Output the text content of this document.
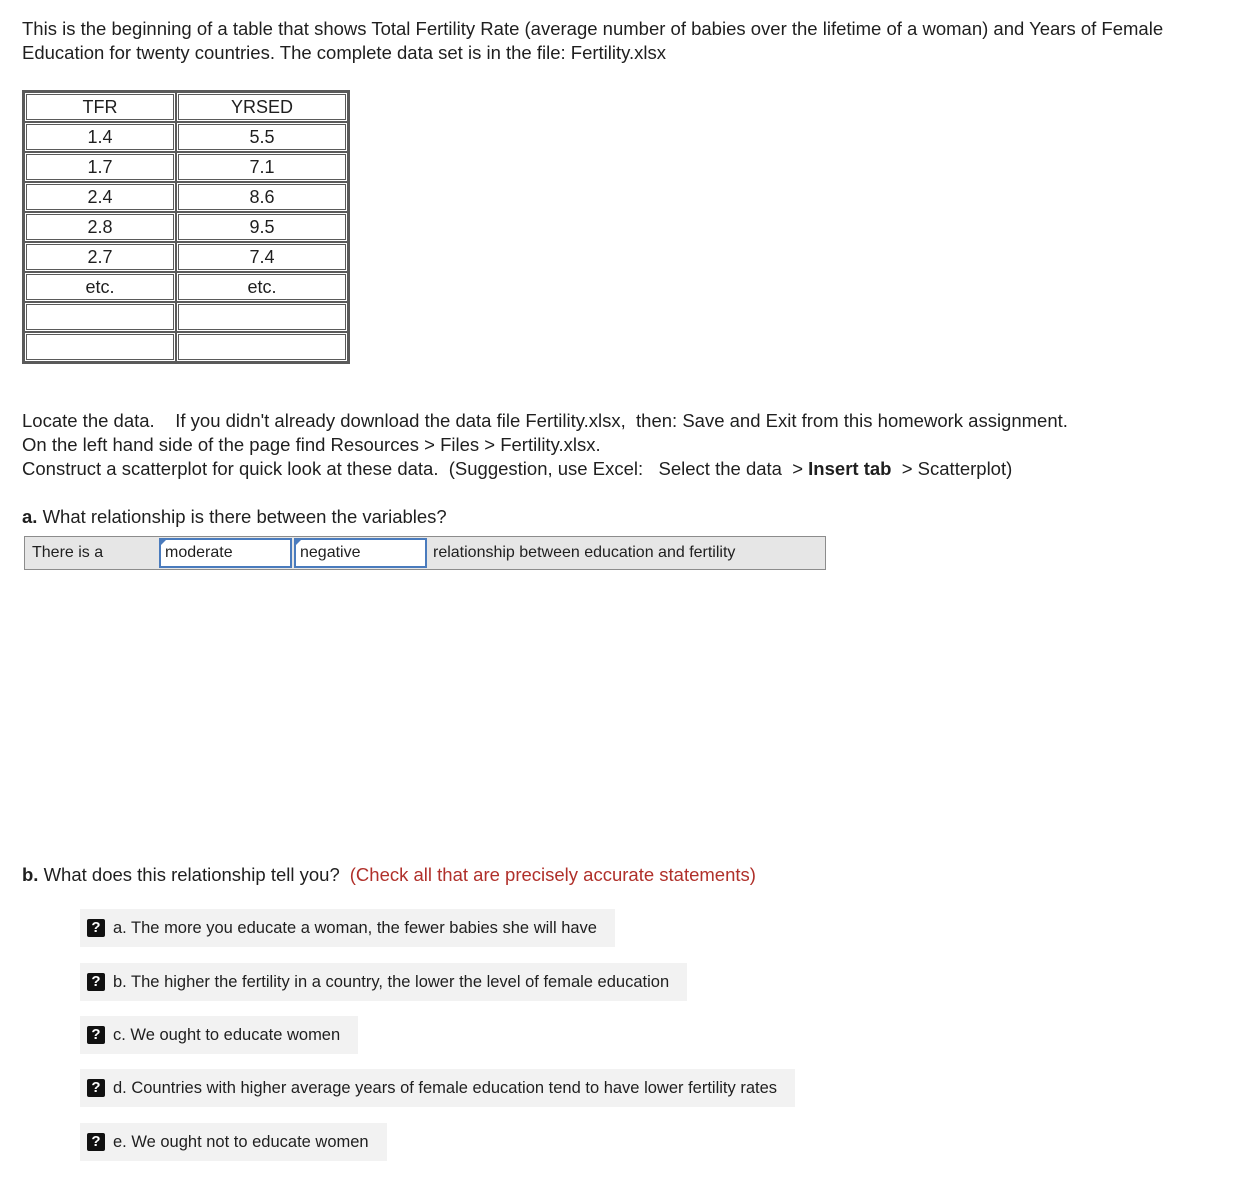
This is the beginning of a table that shows Total Fertility Rate (average number of babies over the lifetime of a woman) and Years of Female Education for twenty countries. The complete data set is in the file: Fertility.xlsx

TFR	YRSED
1.4	5.5
1.7	7.1
2.4	8.6
2.8	9.5
2.7	7.4
etc.	etc.

Locate the data.    If you didn't already download the data file Fertility.xlsx,  then: Save and Exit from this homework assignment.
On the left hand side of the page find Resources > Files > Fertility.xlsx.
Construct a scatterplot for quick look at these data.  (Suggestion, use Excel:   Select the data  > Insert tab  > Scatterplot)

a. What relationship is there between the variables?

There is a	moderate	negative	relationship between education and fertility

b. What does this relationship tell you? (Check all that are precisely accurate statements)

? a. The more you educate a woman, the fewer babies she will have
? b. The higher the fertility in a country, the lower the level of female education
? c. We ought to educate women
? d. Countries with higher average years of female education tend to have lower fertility rates
? e. We ought not to educate women
